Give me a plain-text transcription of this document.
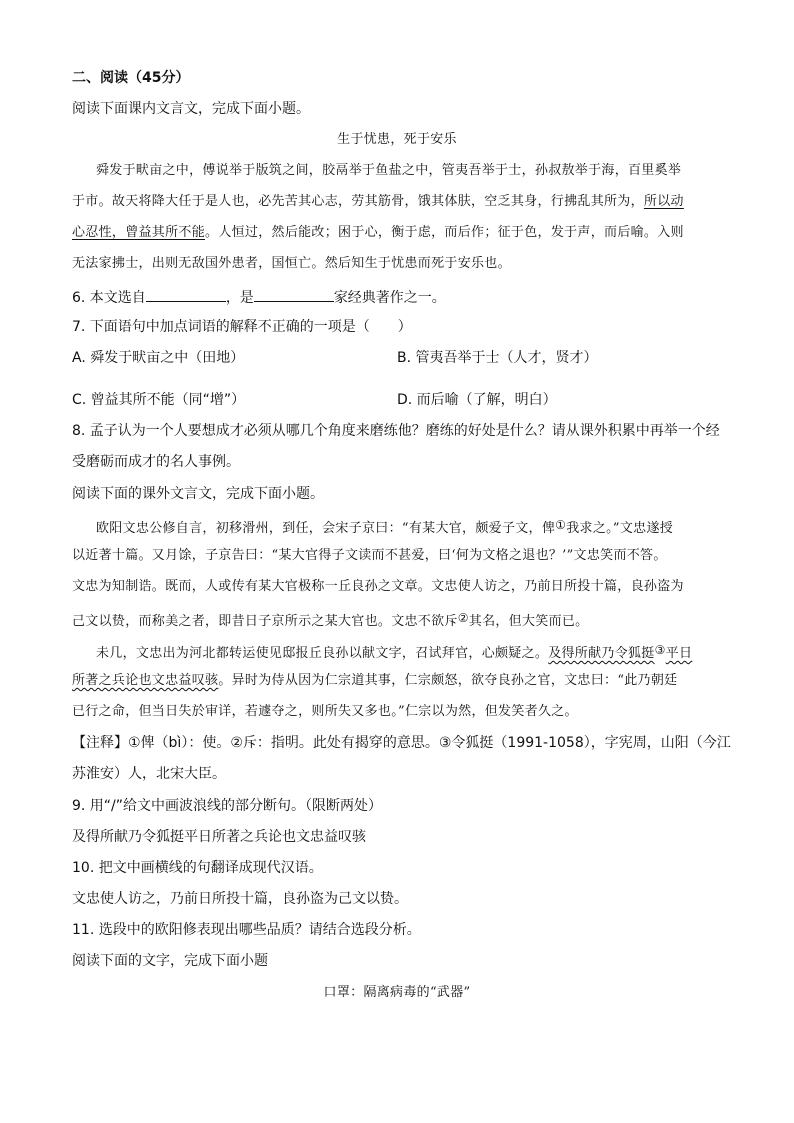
二、阅读（45分）
阅读下面课内文言文，完成下面小题。
生于忧患，死于安乐
舜发于畎亩之中，傅说举于版筑之间，胶鬲举于鱼盐之中，管夷吾举于士，孙叔敖举于海，百里奚举
于市。故天将降大任于是人也，必先苦其心志，劳其筋骨，饿其体肤，空乏其身，行拂乱其所为，所以动
心忍性，曾益其所不能。人恒过，然后能改；困于心，衡于虑，而后作；征于色，发于声，而后喻。入则
无法家拂士，出则无敌国外患者，国恒亡。然后知生于忧患而死于安乐也。
6. 本文选自	，是	家经典著作之一。
7. 下面语句中加点词语的解释不正确的一项是（　　）
A. 舜发于畎亩之中（田地）	B. 管夷吾举于士（人才，贤才）
C. 曾益其所不能（同“增”）	D. 而后喻（了解，明白）
8. 孟子认为一个人要想成才必须从哪几个角度来磨练他？磨练的好处是什么？请从课外积累中再举一个经
受磨砺而成才的名人事例。
阅读下面的课外文言文，完成下面小题。
欧阳文忠公修自言，初移滑州，到任，会宋子京曰：“有某大官，颇爱子文，俾①我求之。”文忠遂授
以近著十篇。又月馀，子京告曰：“某大官得子文读而不甚爱，曰‘何为文格之退也？’”文忠笑而不答。
文忠为知制诰。既而，人或传有某大官极称一丘良孙之文章。文忠使人访之，乃前日所投十篇，良孙盗为
己文以贽，而称美之者，即昔日子京所示之某大官也。文忠不欲斥②其名，但大笑而已。
未几，文忠出为河北都转运使见邸报丘良孙以献文字，召试拜官，心颇疑之。及得所献乃令狐挺③平日
所著之兵论也文忠益叹骇。异时为侍从因为仁宗道其事，仁宗颇怒，欲夺良孙之官，文忠曰：“此乃朝廷
已行之命，但当日失於审详，若遽夺之，则所失又多也。”仁宗以为然，但发笑者久之。
【注释】①俾（bì）：使。②斥：指明。此处有揭穿的意思。③令狐挺（1991-1058），字宪周，山阳（今江
苏淮安）人，北宋大臣。
9. 用“/”给文中画波浪线的部分断句。（限断两处）
及得所献乃令狐挺平日所著之兵论也文忠益叹骇
10. 把文中画横线的句翻译成现代汉语。
文忠使人访之，乃前日所投十篇，良孙盗为己文以贽。
11. 选段中的欧阳修表现出哪些品质？请结合选段分析。
阅读下面的文字，完成下面小题
口罩：隔离病毒的“武器”
